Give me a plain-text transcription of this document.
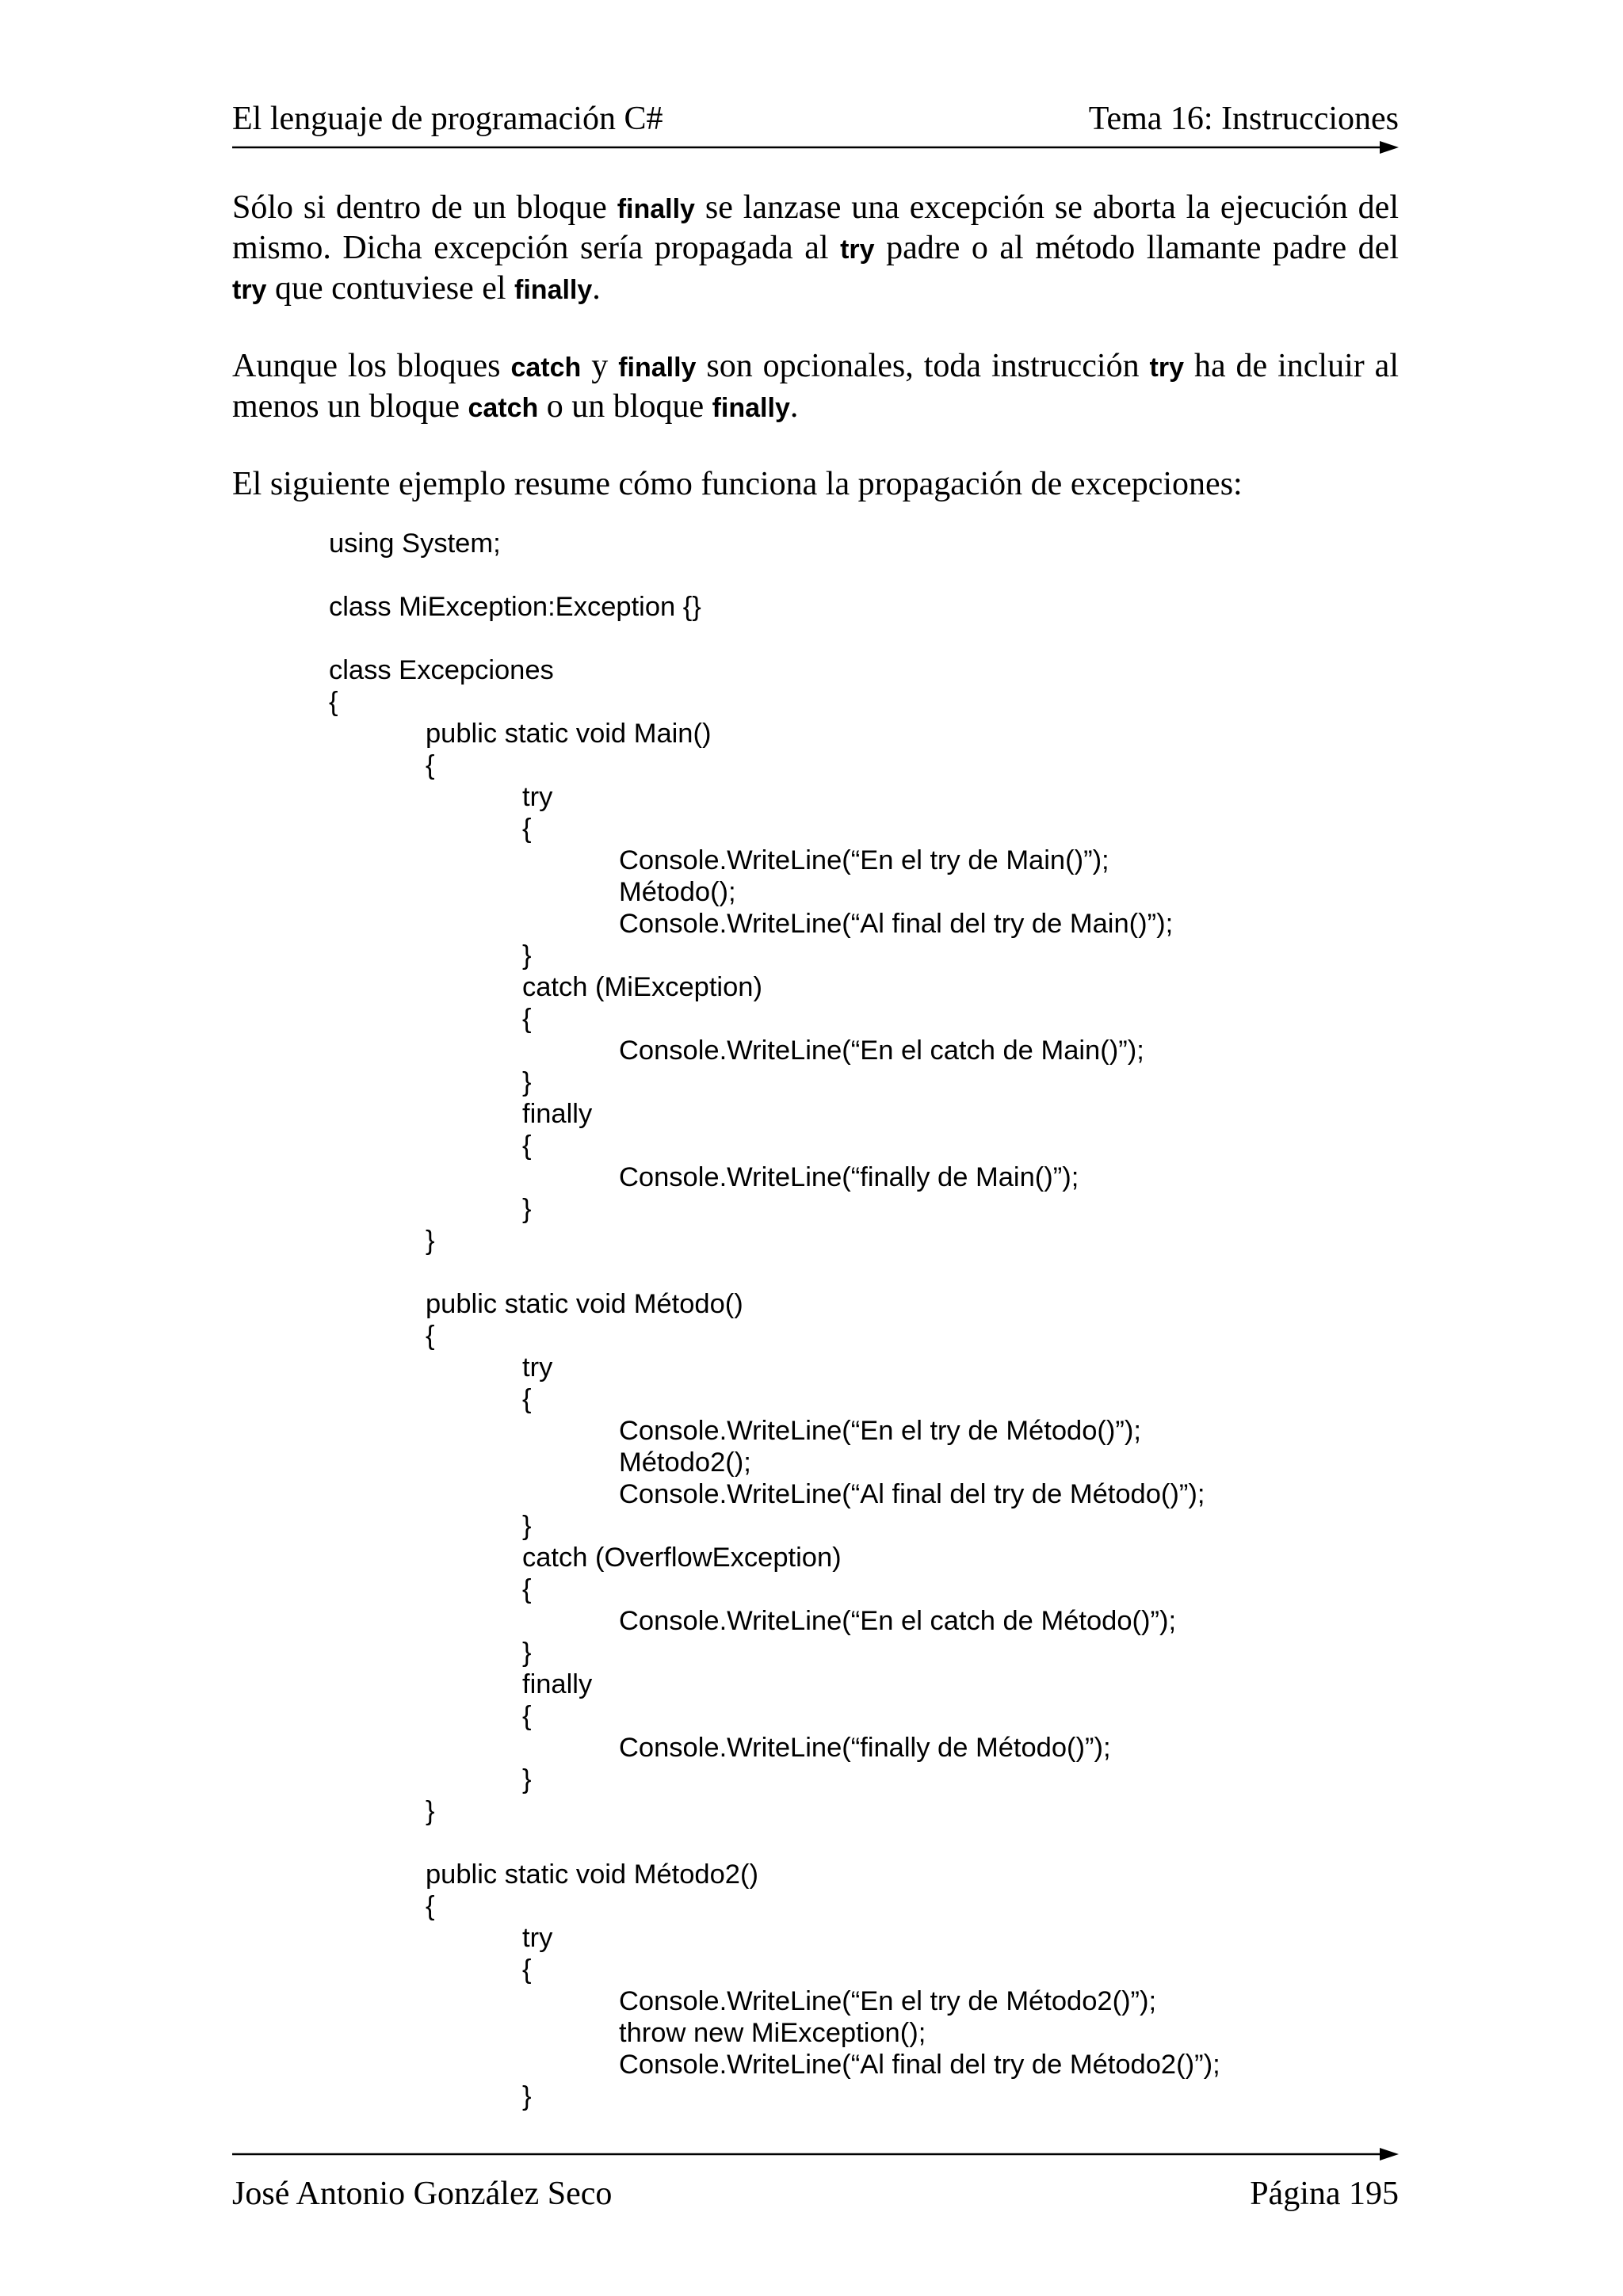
El lenguaje de programación C#	Tema 16: Instrucciones

Sólo si dentro de un bloque finally se lanzase una excepción se aborta la ejecución del mismo. Dicha excepción sería propagada al try padre o al método llamante padre del try que contuviese el finally.

Aunque los bloques catch y finally son opcionales, toda instrucción try ha de incluir al menos un bloque catch o un bloque finally.

El siguiente ejemplo resume cómo funciona la propagación de excepciones:

using System;
class MiException:Exception {}
class Excepciones
{
public static void Main()
{
try
{
Console.WriteLine(“En el try de Main()”);
Método();
Console.WriteLine(“Al final del try de Main()”);
}
catch (MiException)
{
Console.WriteLine(“En el catch de Main()”);
}
finally
{
Console.WriteLine(“finally de Main()”);
}
}
public static void Método()
{
try
{
Console.WriteLine(“En el try de Método()”);
Método2();
Console.WriteLine(“Al final del try de Método()”);
}
catch (OverflowException)
{
Console.WriteLine(“En el catch de Método()”);
}
finally
{
Console.WriteLine(“finally de Método()”);
}
}
public static void Método2()
{
try
{
Console.WriteLine(“En el try de Método2()”);
throw new MiException();
Console.WriteLine(“Al final del try de Método2()”);
}
José Antonio González Seco	Página 195
